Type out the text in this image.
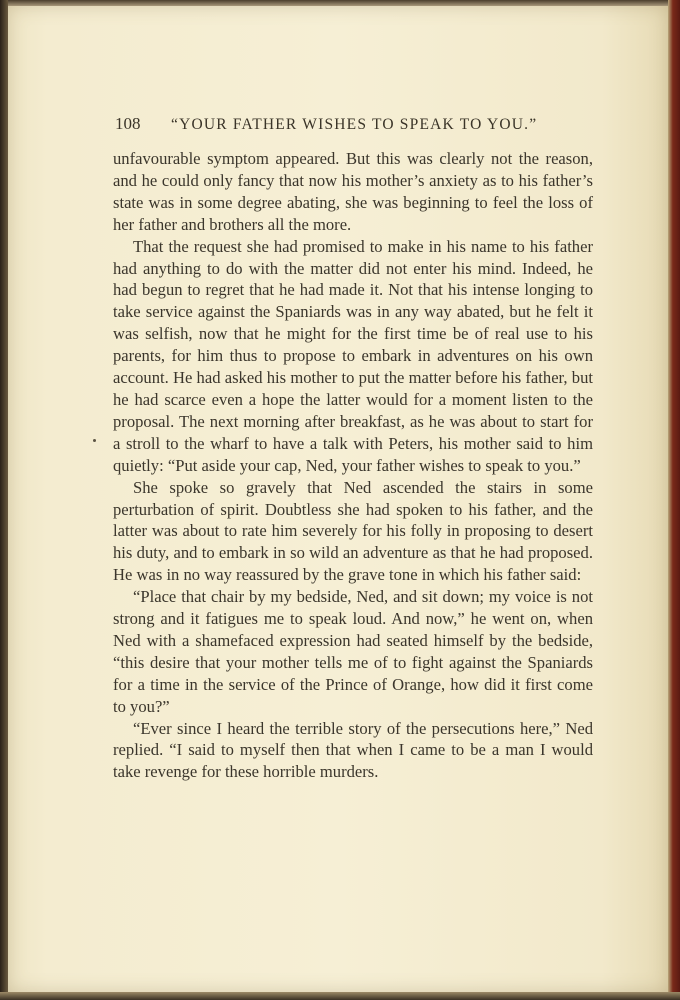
108 “YOUR FATHER WISHES TO SPEAK TO YOU.”

unfavourable symptom appeared. But this was clearly not the reason, and he could only fancy that now his mother’s anxiety as to his father’s state was in some degree abating, she was beginning to feel the loss of her father and brothers all the more.

That the request she had promised to make in his name to his father had anything to do with the matter did not enter his mind. Indeed, he had begun to regret that he had made it. Not that his intense longing to take service against the Spaniards was in any way abated, but he felt it was selfish, now that he might for the first time be of real use to his parents, for him thus to propose to embark in adventures on his own account. He had asked his mother to put the matter before his father, but he had scarce even a hope the latter would for a moment listen to the proposal. The next morning after breakfast, as he was about to start for a stroll to the wharf to have a talk with Peters, his mother said to him quietly: “Put aside your cap, Ned, your father wishes to speak to you.”

She spoke so gravely that Ned ascended the stairs in some perturbation of spirit. Doubtless she had spoken to his father, and the latter was about to rate him severely for his folly in proposing to desert his duty, and to embark in so wild an adventure as that he had proposed. He was in no way reassured by the grave tone in which his father said:

“Place that chair by my bedside, Ned, and sit down; my voice is not strong and it fatigues me to speak loud. And now,” he went on, when Ned with a shamefaced expression had seated himself by the bedside, “this desire that your mother tells me of to fight against the Spaniards for a time in the service of the Prince of Orange, how did it first come to you?”

“Ever since I heard the terrible story of the persecutions here,” Ned replied. “I said to myself then that when I came to be a man I would take revenge for these horrible murders.
